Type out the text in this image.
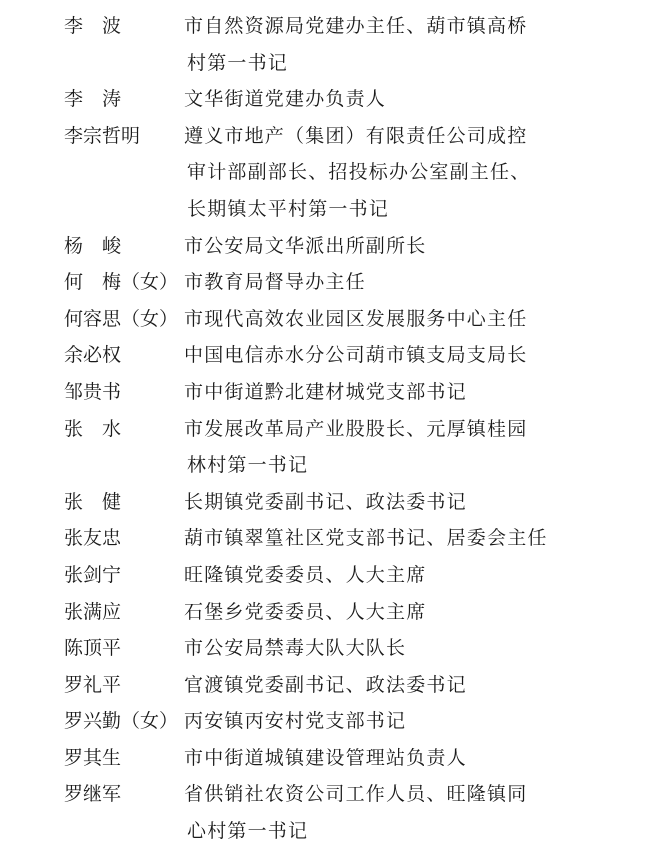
李　波	市自然资源局党建办主任、葫市镇高桥
村第一书记
李　涛	文华街道党建办负责人
李宗哲明	遵义市地产（集团）有限责任公司成控
审计部副部长、招投标办公室副主任、
长期镇太平村第一书记
杨　峻	市公安局文华派出所副所长
何　梅（女） 市教育局督导办主任
何容思（女） 市现代高效农业园区发展服务中心主任
余必权	中国电信赤水分公司葫市镇支局支局长
邹贵书	市中街道黔北建材城党支部书记
张　水	市发展改革局产业股股长、元厚镇桂园
林村第一书记
张　健	长期镇党委副书记、政法委书记
张友忠	葫市镇翠篁社区党支部书记、居委会主任
张剑宁	旺隆镇党委委员、人大主席
张满应	石堡乡党委委员、人大主席
陈顶平	市公安局禁毒大队大队长
罗礼平	官渡镇党委副书记、政法委书记
罗兴勤（女） 丙安镇丙安村党支部书记
罗其生	市中街道城镇建设管理站负责人
罗继军	省供销社农资公司工作人员、旺隆镇同
心村第一书记
